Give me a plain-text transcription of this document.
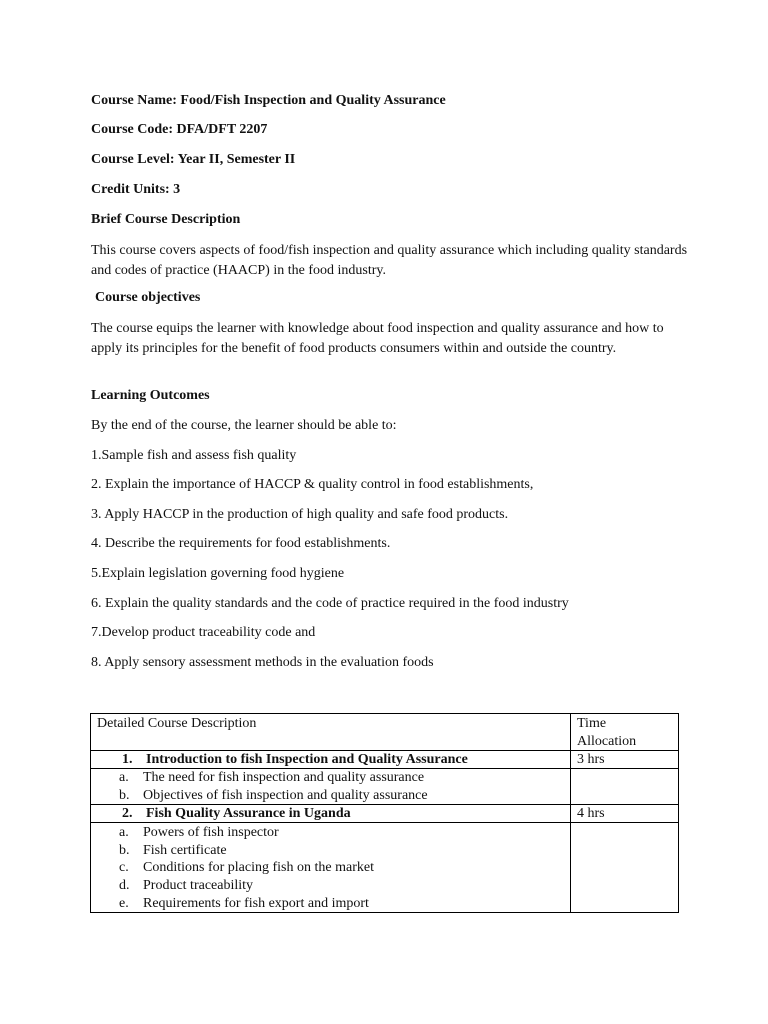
Course Name: Food/Fish Inspection and Quality Assurance
Course Code: DFA/DFT 2207
Course Level: Year II, Semester II
Credit Units: 3
Brief Course Description
This course covers aspects of food/fish inspection and quality assurance which including quality standards and codes of practice (HAACP) in the food industry.
Course objectives
The course equips the learner with knowledge about food inspection and quality assurance and how to apply its principles for the benefit of food products consumers within and outside the country.
Learning Outcomes
By the end of the course, the learner should be able to:
1.Sample fish and assess fish quality
2. Explain the importance of HACCP & quality control in food establishments,
3. Apply HACCP in the production of high quality and safe food products.
4. Describe the requirements for food establishments.
5.Explain legislation governing food hygiene
6. Explain the quality standards and the code of practice required in the food industry
7.Develop product traceability code and
8. Apply sensory assessment methods in the evaluation foods
Detailed Course Description	Time
Allocation
1. Introduction to fish Inspection and Quality Assurance	3 hrs
a. The need for fish inspection and quality assurance
b. Objectives of fish inspection and quality assurance
2. Fish Quality Assurance in Uganda	4 hrs
a. Powers of fish inspector
b. Fish certificate
c. Conditions for placing fish on the market
d. Product traceability
e. Requirements for fish export and import
